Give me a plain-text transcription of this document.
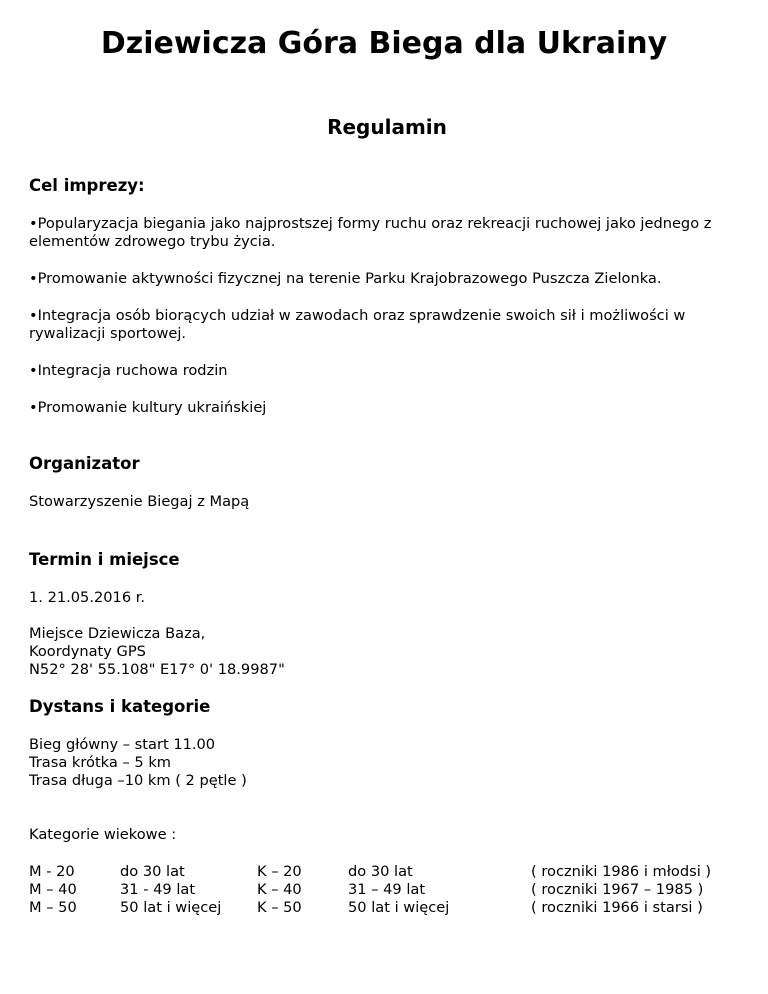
Dziewicza Góra Biega dla Ukrainy
Regulamin
Cel imprezy:

• Popularyzacja biegania jako najprostszej formy ruchu oraz rekreacji ruchowej jako jednego z elementów zdrowego trybu życia.

• Promowanie aktywności fizycznej na terenie Parku Krajobrazowego Puszcza Zielonka.

• Integracja osób biorących udział w zawodach oraz sprawdzenie swoich sił i możliwości w rywalizacji sportowej.

• Integracja ruchowa rodzin

• Promowanie kultury ukraińskiej

Organizator

Stowarzyszenie Biegaj z Mapą

Termin i miejsce

1. 21.05.2016 r.

Miejsce Dziewicza Baza,
Koordynaty GPS
N52° 28' 55.108" E17° 0' 18.9987"
Dystans i kategorie
Bieg główny – start 11.00
Trasa krótka – 5 km
Trasa długa –10 km ( 2 pętle )

Kategorie wiekowe :

M - 20	do 30 lat	K – 20	do 30 lat	( roczniki 1986 i młodsi )
M – 40	31 - 49 lat	K – 40	31 – 49 lat	( roczniki 1967 – 1985 )
M – 50	50 lat i więcej K – 50	50 lat i więcej	( roczniki 1966 i starsi )
